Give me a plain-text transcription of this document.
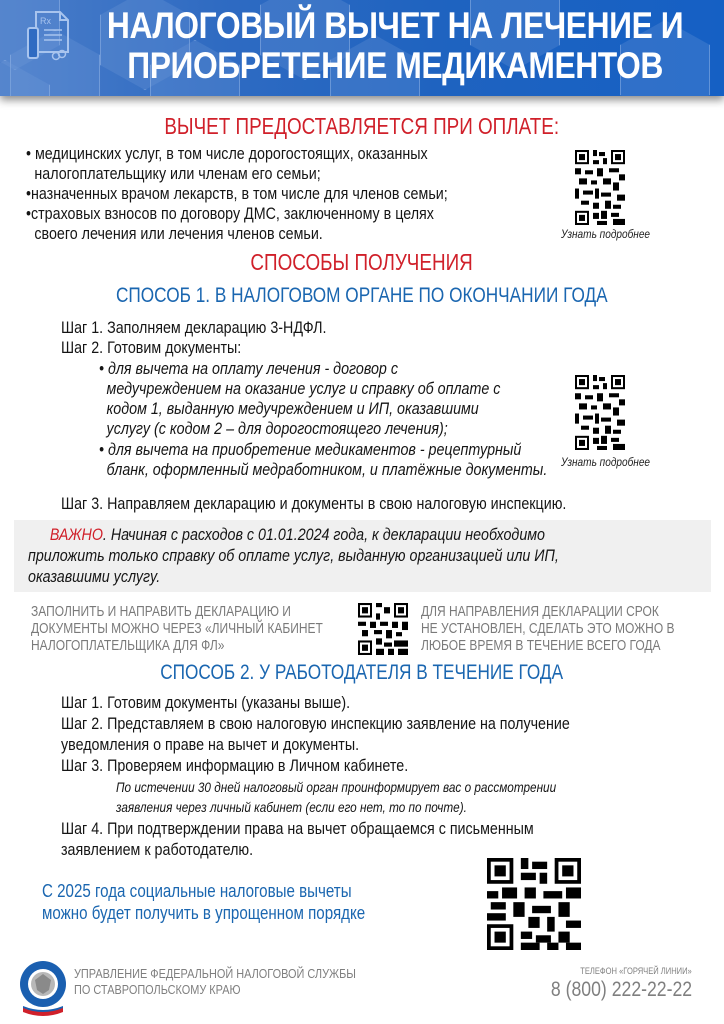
Rx	НАЛОГОВЫЙ ВЫЧЕТ НА ЛЕЧЕНИЕ И
ПРИОБРЕТЕНИЕ МЕДИКАМЕНТОВ
ВЫЧЕТ ПРЕДОСТАВЛЯЕТСЯ ПРИ ОПЛАТЕ:
• медицинских услуг, в том числе дорогостоящих, оказанных
налогоплательщику или членам его семьи;
•назначенных врачом лекарств, в том числе для членов семьи;
•страховых взносов по договору ДМС, заключенному в целях
своего лечения или лечения членов семьи.	Узнать подробнее
СПОСОБЫ ПОЛУЧЕНИЯ
СПОСОБ 1. В НАЛОГОВОМ ОРГАНЕ ПО ОКОНЧАНИИ ГОДА
Шаг 1. Заполняем декларацию 3-НДФЛ.
Шаг 2. Готовим документы:
• для вычета на оплату лечения - договор с
медучреждением на оказание услуг и справку об оплате с
кодом 1, выданную медучреждением и ИП, оказавшими
услугу (с кодом 2 – для дорогостоящего лечения);
• для вычета на приобретение медикаментов - рецептурный
бланк, оформленный медработником, и платёжные документы. Узнать подробнее
Шаг 3. Направляем декларацию и документы в свою налоговую инспекцию.
ВАЖНО. Начиная с расходов с 01.01.2024 года, к декларации необходимо
приложить только справку об оплате услуг, выданную организацией или ИП,
оказавшими услугу.
ЗАПОЛНИТЬ И НАПРАВИТЬ ДЕКЛАРАЦИЮ И
ДОКУМЕНТЫ МОЖНО ЧЕРЕЗ «ЛИЧНЫЙ КАБИНЕТ
НАЛОГОПЛАТЕЛЬЩИКА ДЛЯ ФЛ»
ДЛЯ НАПРАВЛЕНИЯ ДЕКЛАРАЦИИ СРОК
НЕ УСТАНОВЛЕН, СДЕЛАТЬ ЭТО МОЖНО В
ЛЮБОЕ ВРЕМЯ В ТЕЧЕНИЕ ВСЕГО ГОДА
СПОСОБ 2. У РАБОТОДАТЕЛЯ В ТЕЧЕНИЕ ГОДА
Шаг 1. Готовим документы (указаны выше).
Шаг 2. Представляем в свою налоговую инспекцию заявление на получение
уведомления о праве на вычет и документы.
Шаг 3. Проверяем информацию в Личном кабинете.
По истечении 30 дней налоговый орган проинформирует вас о рассмотрении
заявления через личный кабинет (если его нет, то по почте).
Шаг 4. При подтверждении права на вычет обращаемся с письменным
заявлением к работодателю.
С 2025 года социальные налоговые вычеты
можно будет получить в упрощенном порядке
УПРАВЛЕНИЕ ФЕДЕРАЛЬНОЙ НАЛОГОВОЙ СЛУЖБЫ
ПО СТАВРОПОЛЬСКОМУ КРАЮ
ТЕЛЕФОН «ГОРЯЧЕЙ ЛИНИИ»
8 (800) 222-22-22
